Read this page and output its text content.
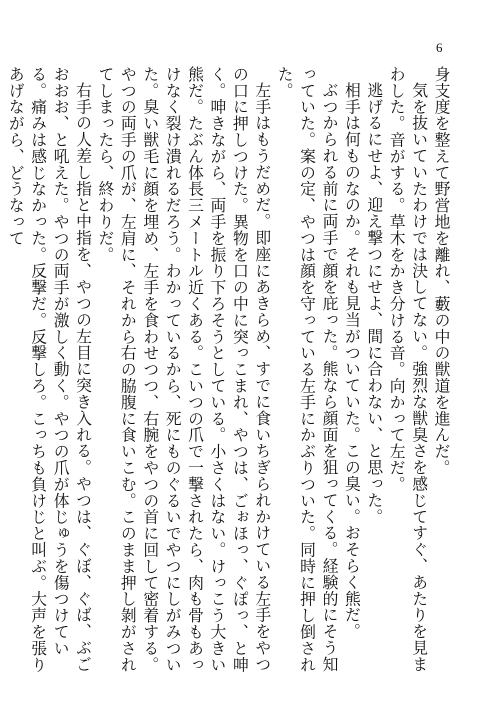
6

身支度を整えて野営地を離れ、藪の中の獣道を進んだ。

気を抜いていたわけでは決してない。強烈な獣臭さを感じてすぐ、あたりを見まわした。音がする。草木をかき分ける音。向かって左だ。

逃げるにせよ、迎え撃つにせよ、間に合わない、と思った。

相手は何ものなのか。それも見当がついていた。この臭い。おそらく熊だ。

ぶつかられる前に両手で顔を庇った。熊なら顔面を狙ってくる。経験的にそう知っていた。案の定、やつは顔を守っている左手にかぶりついた。同時に押し倒された。

左手はもうだめだ。即座にあきらめ、すでに食いちぎられかけている左手をやつの口に押しつけた。異物を口の中に突っこまれ、やつは、ごぉほっ、ぐぽっ、と呻く。呻きながら、両手を振り下ろそうとしている。小さくはない。けっこう大きい熊だ。たぶん体長三メートル近くある。こいつの爪で一撃されたら、肉も骨もあっけなく裂け潰れるだろう。わかっているから、死にものぐるいでやつにしがみついた。臭い獣毛に顔を埋め、左手を食わせつつ、右腕をやつの首に回して密着する。やつの両手の爪が、左肩に、それから右の脇腹に食いこむ。このまま押し剝がされてしまったら、終わりだ。

右手の人差し指と中指を、やつの左目に突き入れる。やつは、ぐぼ、ぐば、ぶごおおお、と吼えた。やつの両手が激しく動く。やつの爪が体じゅうを傷つけている。痛みは感じなかった。反撃だ。反撃しろ。こっちも負けじと叫ぶ。大声を張りあげながら、どうなって
